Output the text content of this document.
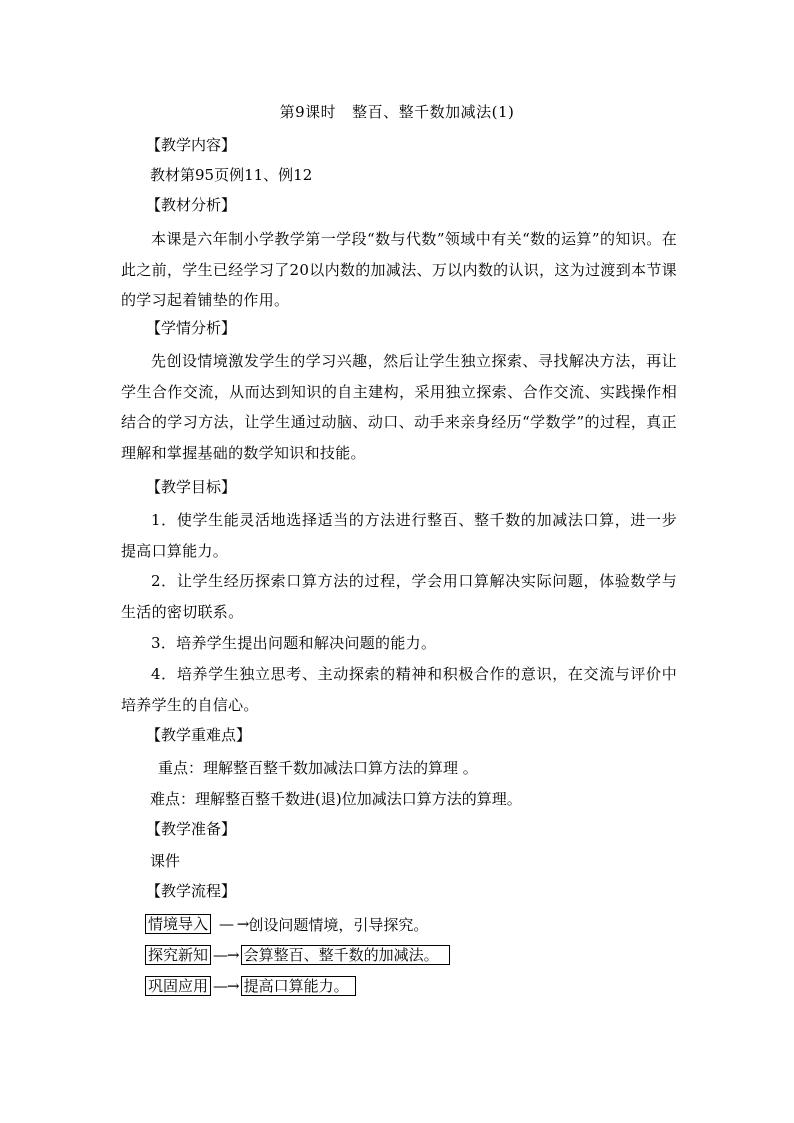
第9课时 整百、整千数加减法(1)
【教学内容】
教材第95页例11、例12
【教材分析】
本课是六年制小学教学第一学段“数与代数”领域中有关“数的运算”的知识。在此之前，学生已经学习了20以内数的加减法、万以内数的认识，这为过渡到本节课的学习起着铺垫的作用。
【学情分析】
先创设情境激发学生的学习兴趣，然后让学生独立探索、寻找解决方法，再让学生合作交流，从而达到知识的自主建构，采用独立探索、合作交流、实践操作相结合的学习方法，让学生通过动脑、动口、动手来亲身经历“学数学”的过程，真正理解和掌握基础的数学知识和技能。
【教学目标】
1．使学生能灵活地选择适当的方法进行整百、整千数的加减法口算，进一步提高口算能力。
2．让学生经历探索口算方法的过程，学会用口算解决实际问题，体验数学与生活的密切联系。
3．培养学生提出问题和解决问题的能力。
4．培养学生独立思考、主动探索的精神和积极合作的意识，在交流与评价中培养学生的自信心。
【教学重难点】
重点：理解整百整千数加减法口算方法的算理 。
难点：理解整百整千数进(退)位加减法口算方法的算理。
【教学准备】
课件
【教学流程】
情境导入 — → 创设问题情境，引导探究。
探究新知 —→ 会算整百、整千数的加减法。
巩固应用 —→ 提高口算能力。
